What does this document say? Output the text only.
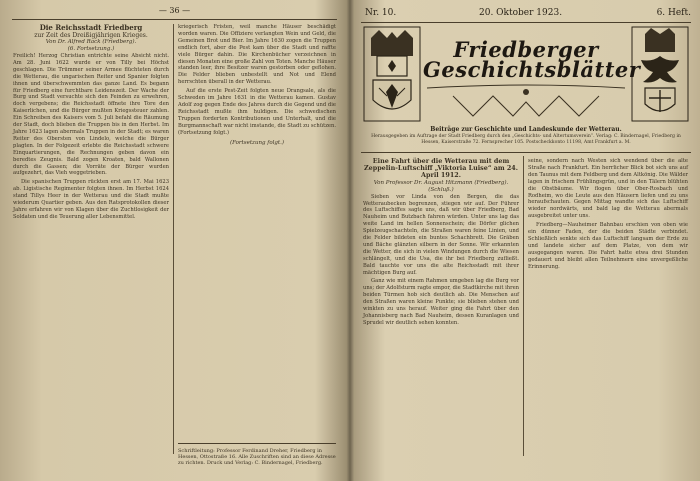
— 36 —
Die Reichsstadt Friedberg
zur Zeit des Dreißigjährigen Krieges.
Von Dr. Alfred Rack (Friedberg).
(6. Fortsetzung.)

Freilich! Herzog Christian entrichte seine Absicht nicht. Am 28. Juni 1622 wurde er von Tilly bei Höchst geschlagen. Die Trümmer seiner Armee flüchteten durch die Wetterau, die ungarischen Reiter und Spanier folgten ihnen und überschwemmten das ganze Land. Es begann für Friedberg eine furchtbare Leidenszeit. Der Wache der Burg und Stadt versuchte sich den Feinden zu erwehren, doch vergebens; die Reichsstadt öffnete ihre Tore den Kaiserlichen, und die Bürger mußten Kriegssteuer zahlen. Ein Schreiben des Kaisers vom 5. Juli befahl die Räumung der Stadt, doch blieben die Truppen bis in den Herbst. Im Jahre 1623 lagen abermals Truppen in der Stadt; es waren Reiter des Obersten von Lindelo, welche die Bürger plagten. In der Folgezeit erlebte die Reichsstadt schwere Einquartierungen, die Rechnungen geben davon ein beredtes Zeugnis. Bald zogen Kroaten, bald Wallonen durch die Gassen; die Vorräte der Bürger wurden aufgezehrt, das Vieh weggetrieben.

Die spanischen Truppen rückten erst am 17. Mai 1623 ab. Ligistische Regimenter folgten ihnen. Im Herbst 1624 stand Tillys Heer in der Wetterau und die Stadt mußte wiederum Quartier geben. Aus den Ratsprotokollen dieser Jahre erfahren wir von Klagen über die Zuchtlosigkeit der Soldaten und die Teuerung aller Lebensmittel.

kriegerisch Fristen, weil manche Häuser beschädigt worden waren. Die Offiziere verlangten Wein und Geld, die Gemeinen Brot und Bier. Im Jahre 1630 zogen die Truppen endlich fort, aber die Pest kam über die Stadt und raffte viele Bürger dahin. Die Kirchenbücher verzeichnen in diesen Monaten eine große Zahl von Toten. Manche Häuser standen leer, ihre Besitzer waren gestorben oder geflohen. Die Felder blieben unbestellt und Not und Elend herrschten überall in der Wetterau.

Auf die erste Pest-Zeit folgten neue Drangsale, als die Schweden im Jahre 1631 in die Wetterau kamen. Gustav Adolf zog gegen Ende des Jahres durch die Gegend und die Reichsstadt mußte ihm huldigen. Die schwedischen Truppen forderten Kontributionen und Unterhalt, und die Burgmannschaft war nicht imstande, die Stadt zu schützen. (Fortsetzung folgt.)

(Fortsetzung folgt.)
Schriftleitung: Professor Ferdinand Dreher, Friedberg in Hessen, Ottostraße 16. Alle Zuschriften sind an diese Adresse zu richten. Druck und Verlag: C. Bindernagel, Friedberg.
Nr. 10.	20. Oktober 1923.	6. Heft.
Friedberger
Geschichtsblätter
Beiträge zur Geschichte und Landeskunde der Wetterau.
Herausgegeben im Auftrage der Stadt Friedberg durch den „Geschichts- und Altertumsverein“. Verlag: C. Bindernagel, Friedberg in Hessen, Kaiserstraße 72. Fernsprecher 105. Postscheckkonto 11198, Amt Frankfurt a. M.
Eine Fahrt über die Wetterau mit dem Zeppelin-Luftschiff „Viktoria Luise“ am 24. April 1912.
Von Professor Dr. August Hitzmann (Friedberg).
(Schluß.)

Sieben vor Linda von den Bergen, die das Wetteraubecken begrenzen, stiegen wir auf. Der Führer des Luftschiffes sagte uns, daß wir über Friedberg, Bad Nauheim und Butzbach fahren würden. Unter uns lag das weite Land im hellen Sonnenschein; die Dörfer glichen Spielzeugschachteln, die Straßen waren feine Linien, und die Felder bildeten ein buntes Schachbrett. Die Gräben und Bäche glänzten silbern in der Sonne. Wir erkannten die Wetter, die sich in vielen Windungen durch die Wiesen schlängelt, und die Usa, die ihr bei Friedberg zufließt. Bald tauchte vor uns die alte Reichsstadt mit ihrer mächtigen Burg auf.

Ganz wie mit einem Rahmen umgeben lag die Burg vor uns; der Adolfsturm ragte empor, die Stadtkirche mit ihren beiden Türmen hob sich deutlich ab. Die Menschen auf den Straßen waren kleine Punkte; sie blieben stehen und winkten zu uns herauf. Weiter ging die Fahrt über den Johannisberg nach Bad Nauheim, dessen Kuranlagen und Sprudel wir deutlich sehen konnten.

seine, sondern nach Westen sich wendend über die alte Straße nach Frankfurt. Ein herrlicher Blick bot sich uns auf den Taunus mit dem Feldberg und dem Altkönig. Die Wälder lagen in frischem Frühlingsgrün, und in den Tälern blühten die Obstbäume. Wir flogen über Ober-Rosbach und Rodheim, wo die Leute aus den Häusern liefen und zu uns heraufschauten. Gegen Mittag wandte sich das Luftschiff wieder nordwärts, und bald lag die Wetterau abermals ausgebreitet unter uns.

Friedberg—Nauheimer Bahnbau erschien von oben wie ein dünner Faden, der die beiden Städte verbindet. Schließlich senkte sich das Luftschiff langsam der Erde zu und landete sicher auf dem Platze, von dem wir ausgegangen waren. Die Fahrt hatte etwa drei Stunden gedauert und bleibt allen Teilnehmern eine unvergeßliche Erinnerung.
